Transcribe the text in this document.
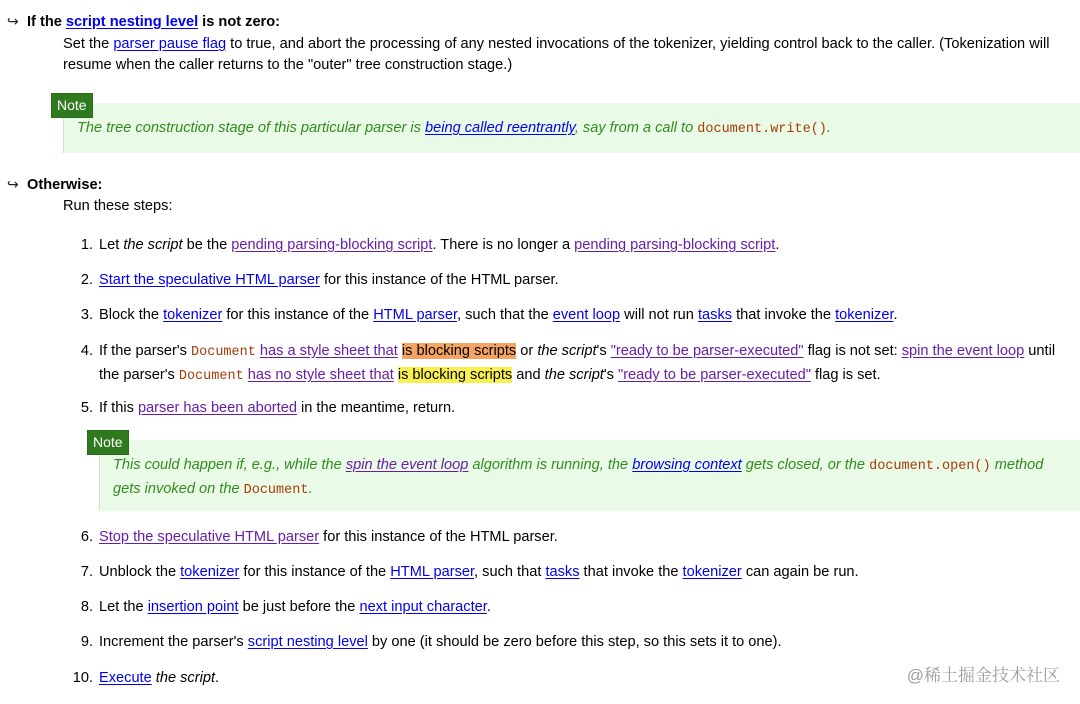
↪ If the script nesting level is not zero:
Set the parser pause flag to true, and abort the processing of any nested invocations of the tokenizer, yielding control back to the caller. (Tokenization will
resume when the caller returns to the "outer" tree construction stage.)
Note
The tree construction stage of this particular parser is being called reentrantly, say from a call to document.write().
↪ Otherwise:
Run these steps:
1. Let the script be the pending parsing-blocking script. There is no longer a pending parsing-blocking script.
2. Start the speculative HTML parser for this instance of the HTML parser.
3. Block the tokenizer for this instance of the HTML parser, such that the event loop will not run tasks that invoke the tokenizer.
4. If the parser's Document has a style sheet that is blocking scripts or the script's "ready to be parser-executed" flag is not set: spin the event loop until
the parser's Document has no style sheet that is blocking scripts and the script's "ready to be parser-executed" flag is set.
5. If this parser has been aborted in the meantime, return.
Note
This could happen if, e.g., while the spin the event loop algorithm is running, the browsing context gets closed, or the document.open() method
gets invoked on the Document.
6. Stop the speculative HTML parser for this instance of the HTML parser.
7. Unblock the tokenizer for this instance of the HTML parser, such that tasks that invoke the tokenizer can again be run.
8. Let the insertion point be just before the next input character.
9. Increment the parser's script nesting level by one (it should be zero before this step, so this sets it to one).
10. Execute the script.	@稀土掘金技术社区
